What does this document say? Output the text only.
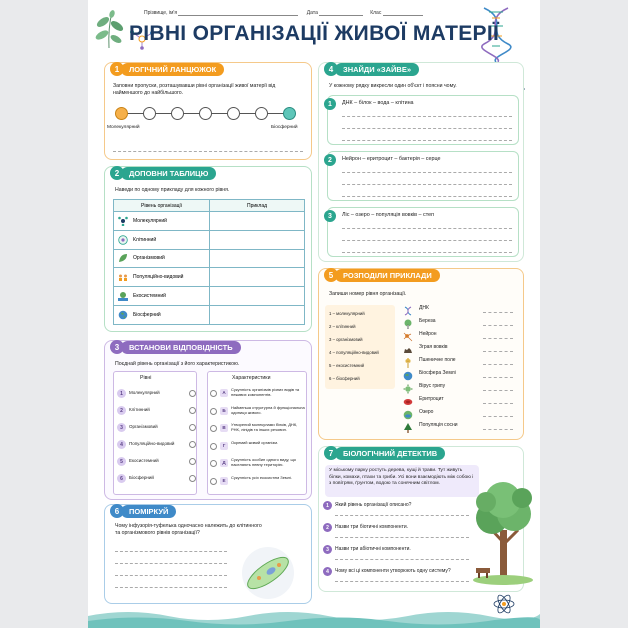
Прізвище, ім'я	Дата	Клас
РІВНІ ОРГАНІЗАЦІЇ ЖИВОЇ МАТЕРІЇ
1	ЛОГІЧНИЙ ЛАНЦЮЖОК
Заповни пропуски, розташувавши рівні організації живої матерії від найменшого до найбільшого.
Молекулярний	Біосферний
2	ДОПОВНИ ТАБЛИЦЮ
Наведи по одному прикладу для кожного рівня.
Рівень організації	Приклад
Молекулярний	
Клітинний	
Організмовий	
Популяційно-видовий	
Екосистемний	
Біосферний	
3	ВСТАНОВИ ВІДПОВІДНІСТЬ
Поєднай рівень організації з його характеристикою.
Рівні
1	Молекулярний
2	Клітинний
3	Організмовий
4	Популяційно-видовий
5	Екосистемний
6	Біосферний
Характеристики
А
Сукупність організмів різних видів та неживих компонентів.
Б
Найменша структурна й функціональна одиниця живого.
В
Утворений молекулами білків, ДНК, РНК, ліпідів та інших речовин.
Г
Окремий живий організм.
Д
Сукупність особин одного виду, що населяють певну територію.
Е
Сукупність усіх екосистем Землі.
6	ПОМІРКУЙ
Чому інфузорія-туфелька одночасно належить до клітинного та організмового рівнів організації?
4	ЗНАЙДИ «ЗАЙВЕ»
У кожному рядку викресли один об'єкт і поясни чому.
1	ДНК – білок – вода – клітина
2	Нейрон – еритроцит – бактерія – серце
3	Ліс – озеро – популяція вовків – степ
5	РОЗПОДІЛИ ПРИКЛАДИ
Запиши номер рівня організації.
1 – молекулярний
2 – клітинний
3 – організмовий
4 – популяційно-видовий
5 – екосистемний
6 – біосферний
ДНК
Береза
Нейрон
Зграя вовків
Пшеничне поле
Біосфера Землі
Вірус грипу
Еритроцит
Озеро
Популяція сосни
7	БІОЛОГІЧНИЙ ДЕТЕКТИВ
У міському парку ростуть дерева, кущі й трави. Тут живуть білки, комахи, птахи та гриби. Усі вони взаємодіють між собою і з повітрям, ґрунтом, водою та сонячним світлом.
1	Який рівень організації описано?
2	Назви три біотичні компоненти.
3	Назви три абіотичні компоненти.
4	Чому всі ці компоненти утворюють одну систему?
